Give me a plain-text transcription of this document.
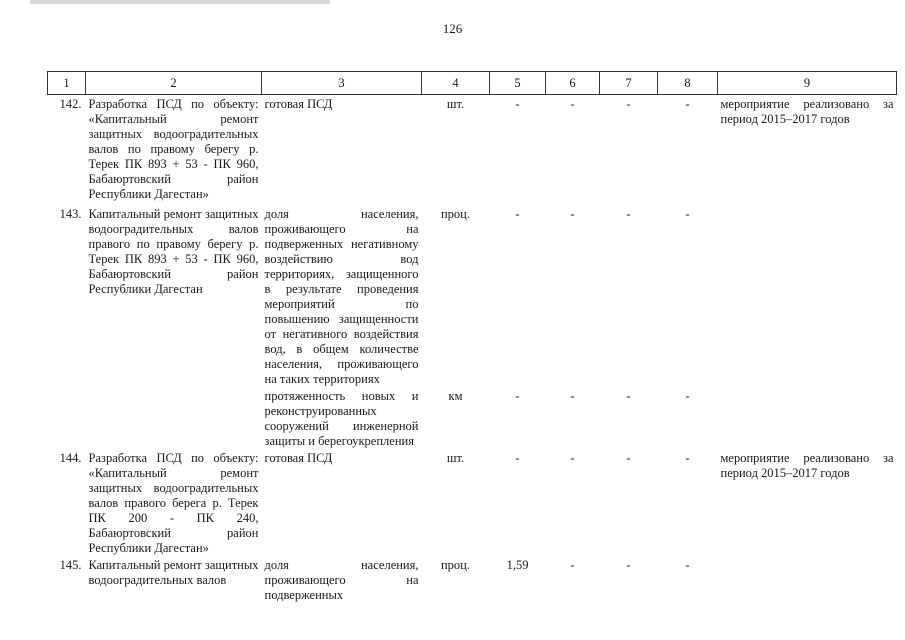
126
1	2	3	4	5	6	7	8	9
142.	Разработка ПСД по объекту: «Капитальный ремонт защитных водооградительных валов по правому берегу р. Терек ПК 893 + 53 - ПК 960, Бабаюртовский район Республики Дагестан»	готовая ПСД	шт.	-	-	-	-	мероприятие реализовано за период 2015–2017 годов
143.	Капитальный ремонт защитных водооградительных валов правого по правому берегу р. Терек ПК 893 + 53 - ПК 960, Бабаюртовский район Республики Дагестан	доля населения, проживающего на подверженных негативному воздействию вод территориях, защищенного в результате проведения мероприятий по повышению защищенности от негативного воздействия вод, в общем количестве населения, проживающего на таких территориях	проц.	-	-	-	-	
		протяженность новых и реконструированных сооружений инженерной защиты и берегоукрепления	км	-	-	-	-	
144.	Разработка ПСД по объекту: «Капитальный ремонт защитных водооградительных валов правого берега р. Терек ПК 200 - ПК 240, Бабаюртовский район Республики Дагестан»	готовая ПСД	шт.	-	-	-	-	мероприятие реализовано за период 2015–2017 годов
145.	Капитальный ремонт защитных водооградительных валов	доля населения, проживающего на подверженных	проц.	1,59	-	-	-	
